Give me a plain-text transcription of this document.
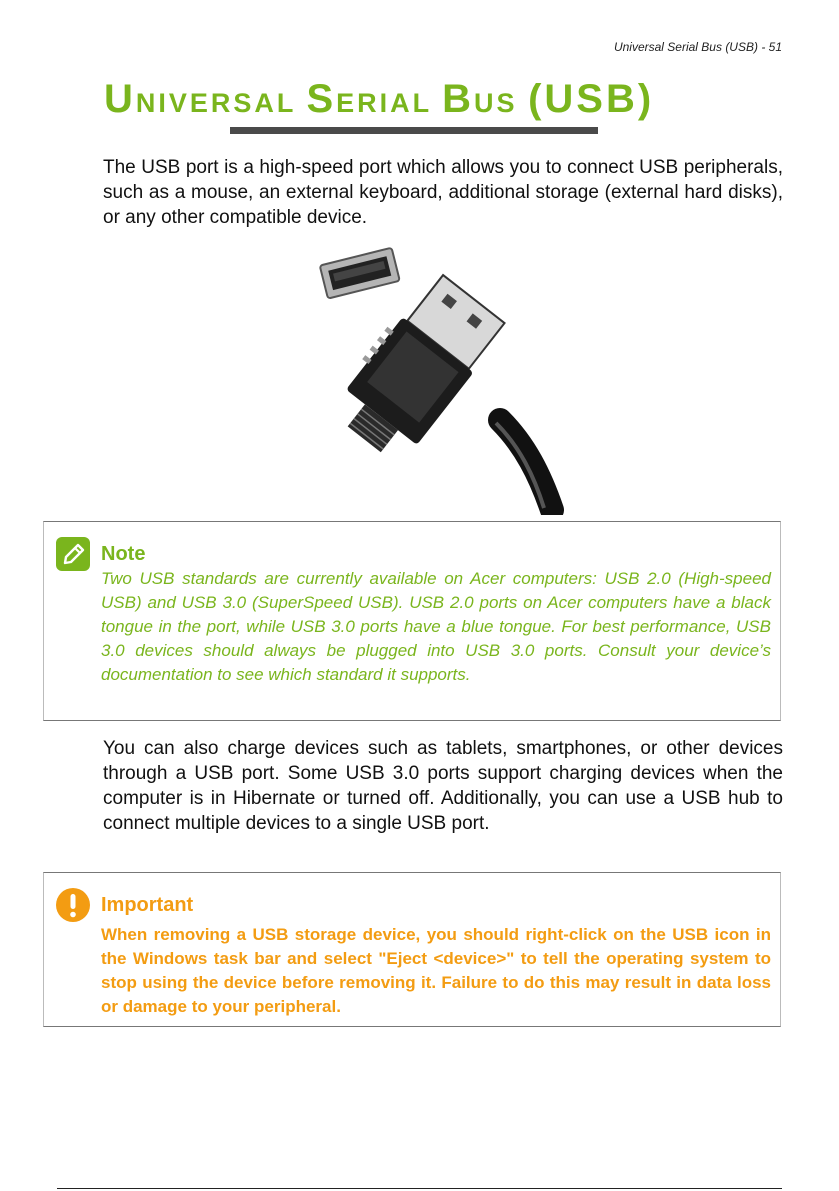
Universal Serial Bus (USB) - 51
UNIVERSAL SERIAL BUS (USB)

The USB port is a high-speed port which allows you to connect USB peripherals, such as a mouse, an external keyboard, additional storage (external hard disks), or any other compatible device.

Note

Two USB standards are currently available on Acer computers: USB 2.0 (High-speed USB) and USB 3.0 (SuperSpeed USB). USB 2.0 ports on Acer computers have a black tongue in the port, while USB 3.0 ports have a blue tongue. For best performance, USB 3.0 devices should always be plugged into USB 3.0 ports. Consult your device’s documentation to see which standard it supports.

You can also charge devices such as tablets, smartphones, or other devices through a USB port. Some USB 3.0 ports support charging devices when the computer is in Hibernate or turned off. Additionally, you can use a USB hub to connect multiple devices to a single USB port.

Important

When removing a USB storage device, you should right-click on the USB icon in the Windows task bar and select "Eject <device>" to tell the operating system to stop using the device before removing it. Failure to do this may result in data loss or damage to your peripheral.
